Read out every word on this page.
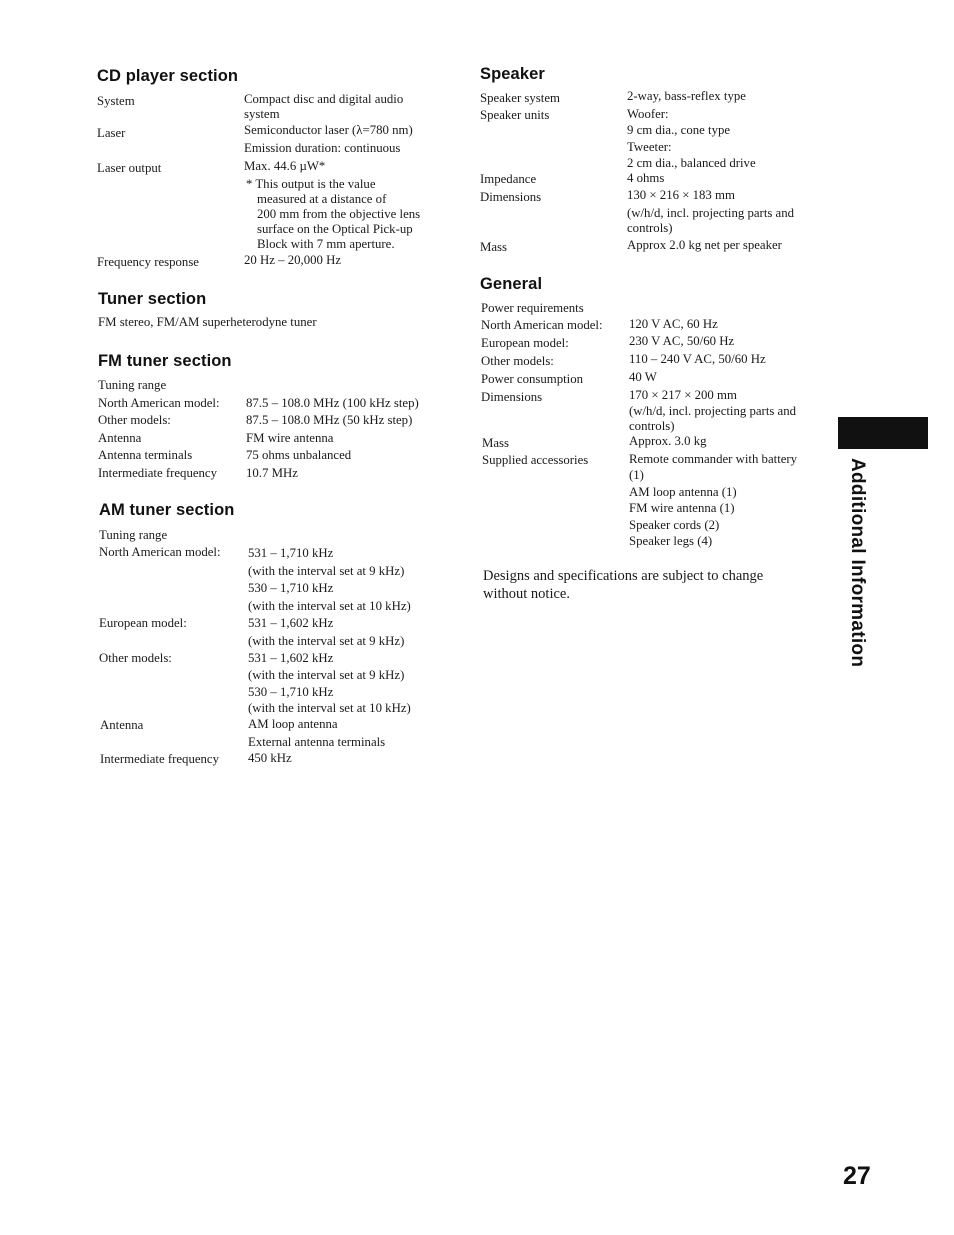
CD player section
System	Compact disc and digital audio
system
Laser	Semiconductor laser (λ=780 nm)
Emission duration: continuous
Laser output	Max. 44.6 µW*
* This output is the value
measured at a distance of
200 mm from the objective lens
surface on the Optical Pick-up
Block with 7 mm aperture.
Frequency response	20 Hz – 20,000 Hz
Tuner section
FM stereo, FM/AM superheterodyne tuner
FM tuner section
Tuning range
North American model: 87.5 – 108.0 MHz (100 kHz step)
Other models:	87.5 – 108.0 MHz (50 kHz step)
Antenna	FM wire antenna
Antenna terminals	75 ohms unbalanced
Intermediate frequency 10.7 MHz
AM tuner section
Tuning range
North American model: 531 – 1,710 kHz
(with the interval set at 9 kHz)
530 – 1,710 kHz
(with the interval set at 10 kHz)
European model:	531 – 1,602 kHz
(with the interval set at 9 kHz)
Other models:	531 – 1,602 kHz
(with the interval set at 9 kHz)
530 – 1,710 kHz
(with the interval set at 10 kHz)
Antenna	AM loop antenna
External antenna terminals
Intermediate frequency 450 kHz
Speaker
Speaker system	2-way, bass-reflex type
Speaker units	Woofer:
9 cm dia., cone type
Tweeter:
2 cm dia., balanced drive
Impedance	4 ohms
Dimensions	130 × 216 × 183 mm
(w/h/d, incl. projecting parts and
controls)
Mass	Approx 2.0 kg net per speaker
General
Power requirements
North American model: 120 V AC, 60 Hz
European model:	230 V AC, 50/60 Hz
Other models:	110 – 240 V AC, 50/60 Hz
Power consumption	40 W
Dimensions	170 × 217 × 200 mm
(w/h/d, incl. projecting parts and
controls)
Mass	Approx. 3.0 kg
Supplied accessories	Remote commander with battery
(1)
AM loop antenna (1)
FM wire antenna (1)
Speaker cords (2)
Speaker legs (4)
Designs and specifications are subject to change
without notice.	Additional Information
27
